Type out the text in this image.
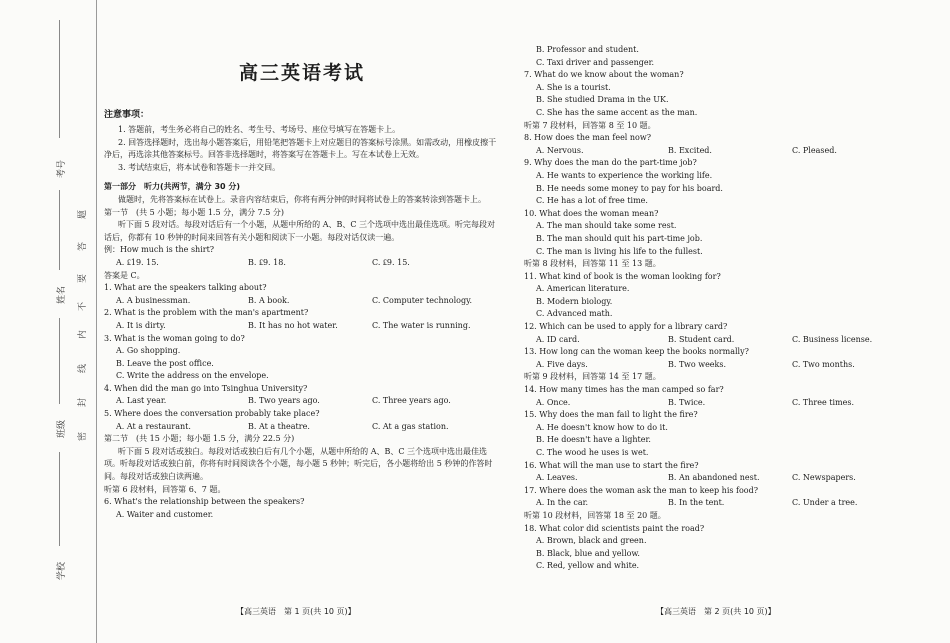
考号
姓名
班级
学校
题
答
要
不
内
线
封
密
高三英语考试
注意事项：
1. 答题前，考生务必将自己的姓名、考生号、考场号、座位号填写在答题卡上。
2. 回答选择题时，选出每小题答案后，用铅笔把答题卡上对应题目的答案标号涂黑。如需改动，用橡皮擦干净后，再选涂其他答案标号。回答非选择题时，将答案写在答题卡上。写在本试卷上无效。
3. 考试结束后，将本试卷和答题卡一并交回。
第一部分　听力(共两节，满分 30 分)
做题时，先将答案标在试卷上。录音内容结束后，你将有两分钟的时间将试卷上的答案转涂到答题卡上。
第一节　(共 5 小题；每小题 1.5 分，满分 7.5 分)
听下面 5 段对话。每段对话后有一个小题，从题中所给的 A、B、C 三个选项中选出最佳选项。听完每段对话后，你都有 10 秒钟的时间来回答有关小题和阅读下一小题。每段对话仅读一遍。
例：How much is the shirt?
A. ₤19. 15.	B. ₤9. 18.	C. ₤9. 15.
答案是 C。
1. What are the speakers talking about?
A. A businessman.	B. A book.	C. Computer technology.
2. What is the problem with the man's apartment?
A. It is dirty.	B. It has no hot water.	C. The water is running.
3. What is the woman going to do?
A. Go shopping.
B. Leave the post office.
C. Write the address on the envelope.
4. When did the man go into Tsinghua University?
A. Last year.	B. Two years ago.	C. Three years ago.
5. Where does the conversation probably take place?
A. At a restaurant.	B. At a theatre.	C. At a gas station.
第二节　(共 15 小题；每小题 1.5 分，满分 22.5 分)
听下面 5 段对话或独白。每段对话或独白后有几个小题，从题中所给的 A、B、C 三个选项中选出最佳选项。听每段对话或独白前，你将有时间阅读各个小题，每小题 5 秒钟；听完后，各小题将给出 5 秒钟的作答时间。每段对话或独白读两遍。
听第 6 段材料，回答第 6、7 题。
6. What's the relationship between the speakers?
A. Waiter and customer.
【高三英语　第 1 页(共 10 页)】
B. Professor and student.
C. Taxi driver and passenger.
7. What do we know about the woman?
A. She is a tourist.
B. She studied Drama in the UK.
C. She has the same accent as the man.
听第 7 段材料，回答第 8 至 10 题。
8. How does the man feel now?
A. Nervous.	B. Excited.	C. Pleased.
9. Why does the man do the part-time job?
A. He wants to experience the working life.
B. He needs some money to pay for his board.
C. He has a lot of free time.
10. What does the woman mean?
A. The man should take some rest.
B. The man should quit his part-time job.
C. The man is living his life to the fullest.
听第 8 段材料，回答第 11 至 13 题。
11. What kind of book is the woman looking for?
A. American literature.
B. Modern biology.
C. Advanced math.
12. Which can be used to apply for a library card?
A. ID card.	B. Student card.	C. Business license.
13. How long can the woman keep the books normally?
A. Five days.	B. Two weeks.	C. Two months.
听第 9 段材料，回答第 14 至 17 题。
14. How many times has the man camped so far?
A. Once.	B. Twice.	C. Three times.
15. Why does the man fail to light the fire?
A. He doesn't know how to do it.
B. He doesn't have a lighter.
C. The wood he uses is wet.
16. What will the man use to start the fire?
A. Leaves.	B. An abandoned nest.	C. Newspapers.
17. Where does the woman ask the man to keep his food?
A. In the car.	B. In the tent.	C. Under a tree.
听第 10 段材料，回答第 18 至 20 题。
18. What color did scientists paint the road?
A. Brown, black and green.
B. Black, blue and yellow.
C. Red, yellow and white.
【高三英语　第 2 页(共 10 页)】
